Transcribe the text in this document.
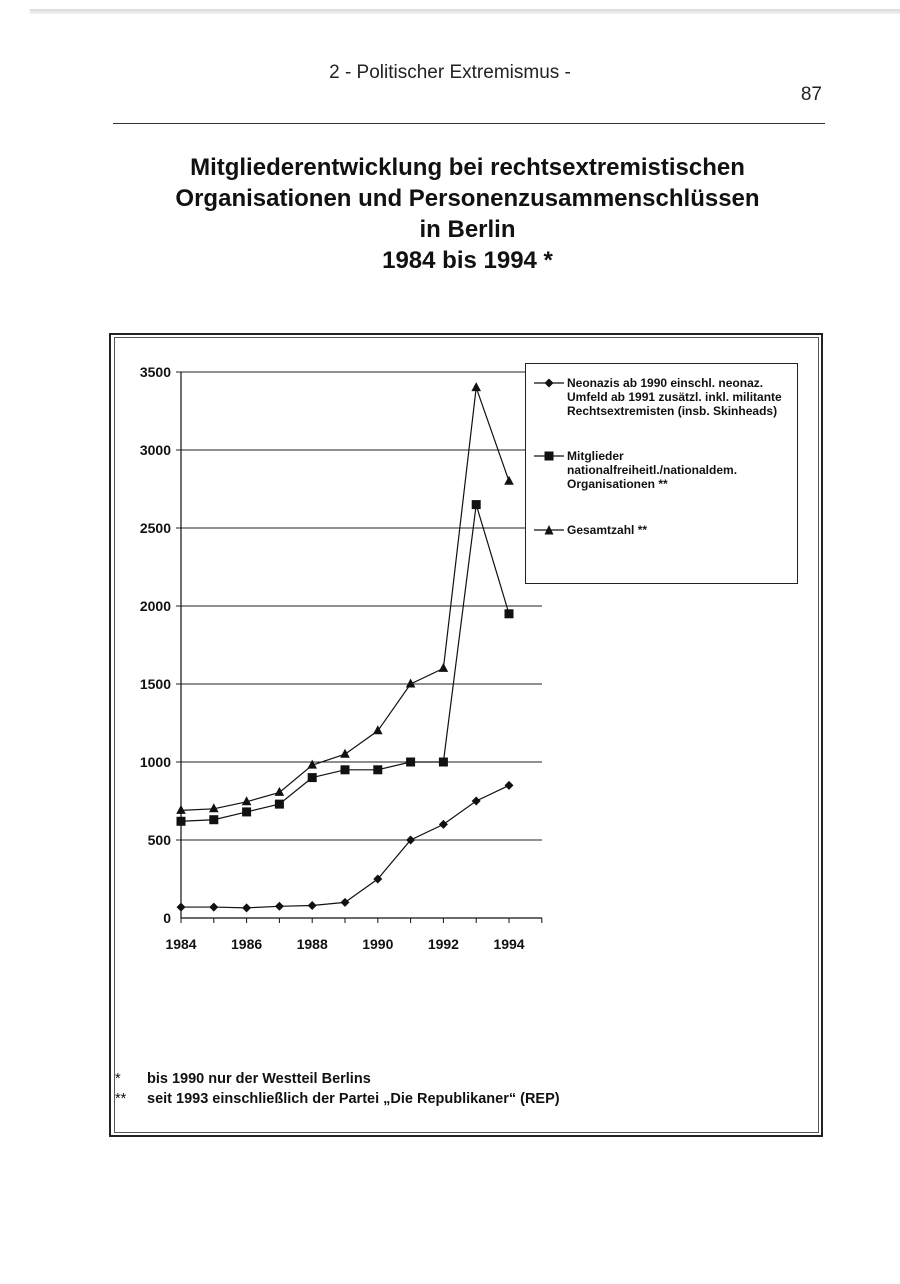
2 - Politischer Extremismus -
87
Mitgliederentwicklung bei rechtsextremistischen
Organisationen und Personenzusammenschlüssen
in Berlin
1984 bis 1994 *
0
500
1000
1500
2000
2500
3000
3500
1984 1986 1988 1990 1992 1994
Neonazis ab 1990 einschl. neonaz.
Umfeld ab 1991 zusätzl. inkl. militante
Rechtsextremisten (insb. Skinheads)
Mitglieder
nationalfreiheitl./nationaldem.
Organisationen **
Gesamtzahl **
*	bis 1990 nur der Westteil Berlins
**	seit 1993 einschließlich der Partei „Die Republikaner“ (REP)
